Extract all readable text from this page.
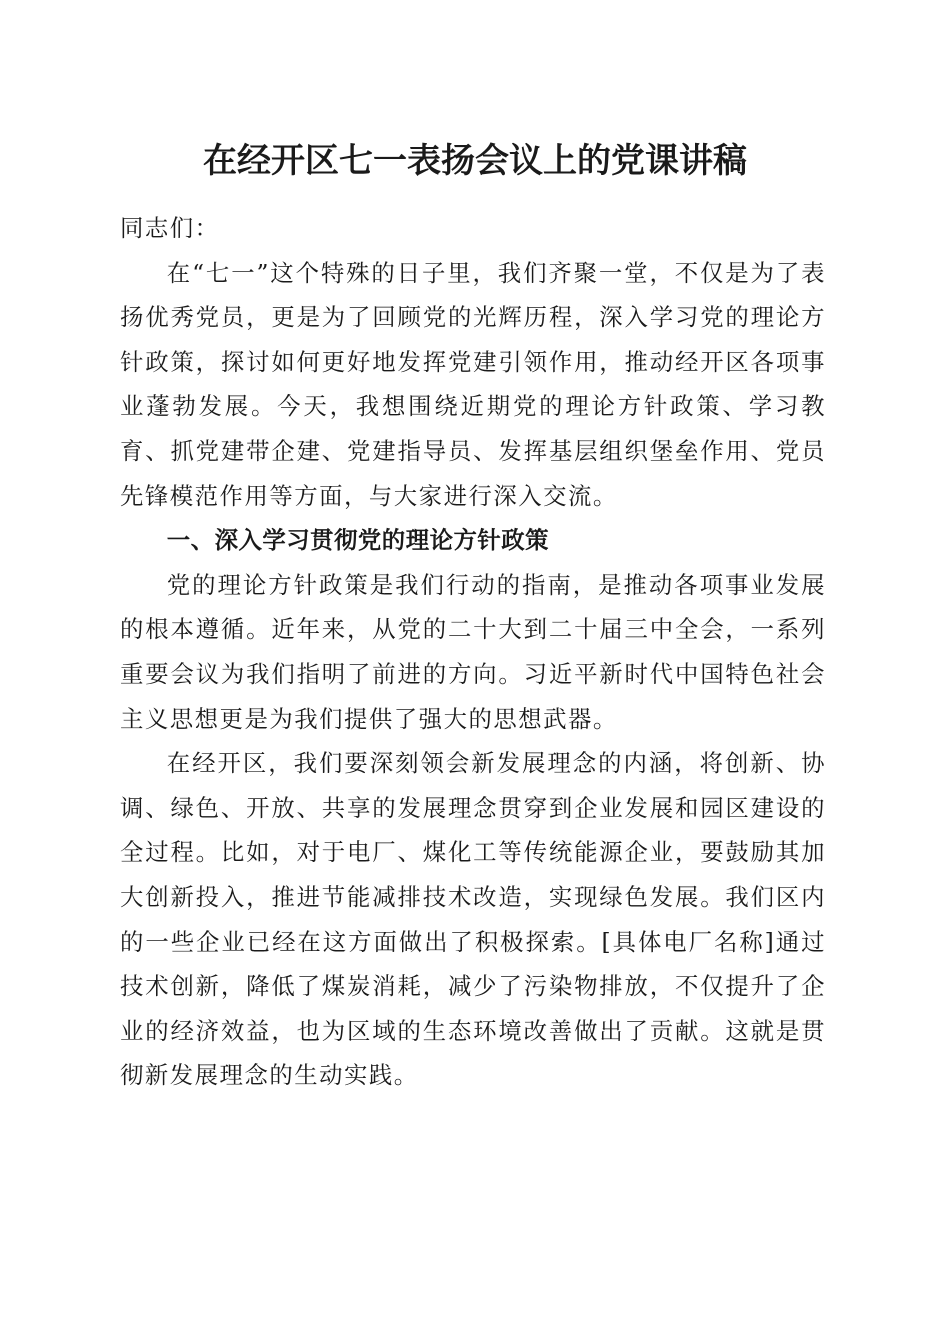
在经开区七一表扬会议上的党课讲稿

同志们：

在“七一”这个特殊的日子里，我们齐聚一堂，不仅是为了表扬优秀党员，更是为了回顾党的光辉历程，深入学习党的理论方针政策，探讨如何更好地发挥党建引领作用，推动经开区各项事业蓬勃发展。今天，我想围绕近期党的理论方针政策、学习教育、抓党建带企建、党建指导员、发挥基层组织堡垒作用、党员先锋模范作用等方面，与大家进行深入交流。

一、深入学习贯彻党的理论方针政策

党的理论方针政策是我们行动的指南，是推动各项事业发展的根本遵循。近年来，从党的二十大到二十届三中全会，一系列重要会议为我们指明了前进的方向。习近平新时代中国特色社会主义思想更是为我们提供了强大的思想武器。

在经开区，我们要深刻领会新发展理念的内涵，将创新、协调、绿色、开放、共享的发展理念贯穿到企业发展和园区建设的全过程。比如，对于电厂、煤化工等传统能源企业，要鼓励其加大创新投入，推进节能减排技术改造，实现绿色发展。我们区内的一些企业已经在这方面做出了积极探索。[具体电厂名称]通过技术创新，降低了煤炭消耗，减少了污染物排放，不仅提升了企业的经济效益，也为区域的生态环境改善做出了贡献。这就是贯彻新发展理念的生动实践。
